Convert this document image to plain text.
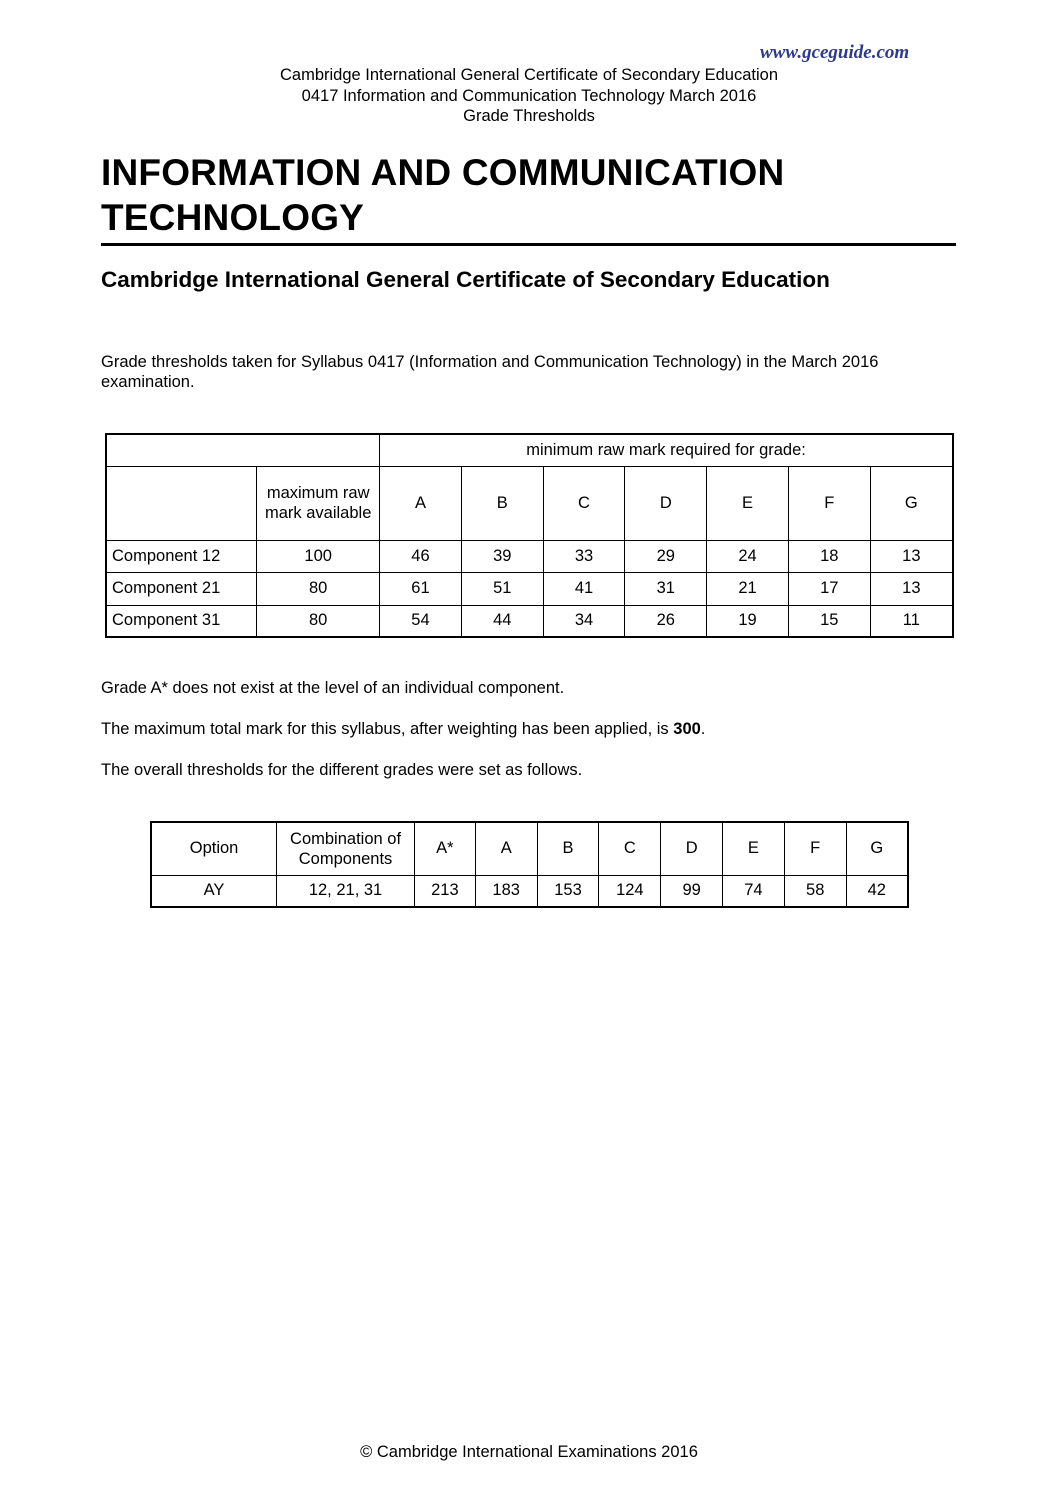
www.gceguide.com
Cambridge International General Certificate of Secondary Education
0417 Information and Communication Technology March 2016
Grade Thresholds
INFORMATION AND COMMUNICATION
TECHNOLOGY
Cambridge International General Certificate of Secondary Education
Grade thresholds taken for Syllabus 0417 (Information and Communication Technology) in the March 2016 examination.
		minimum raw mark required for grade:						
	maximum raw mark available	A	B	C	D	E	F	G
Component 12	100	46	39	33	29	24	18	13
Component 21	80	61	51	41	31	21	17	13
Component 31	80	54	44	34	26	19	15	11
Grade A* does not exist at the level of an individual component.
The maximum total mark for this syllabus, after weighting has been applied, is 300.
The overall thresholds for the different grades were set as follows.
Option	Combination of Components	A*	A	B	C	D	E	F	G
AY	12, 21, 31	213	183	153	124	99	74	58	42
© Cambridge International Examinations 2016
